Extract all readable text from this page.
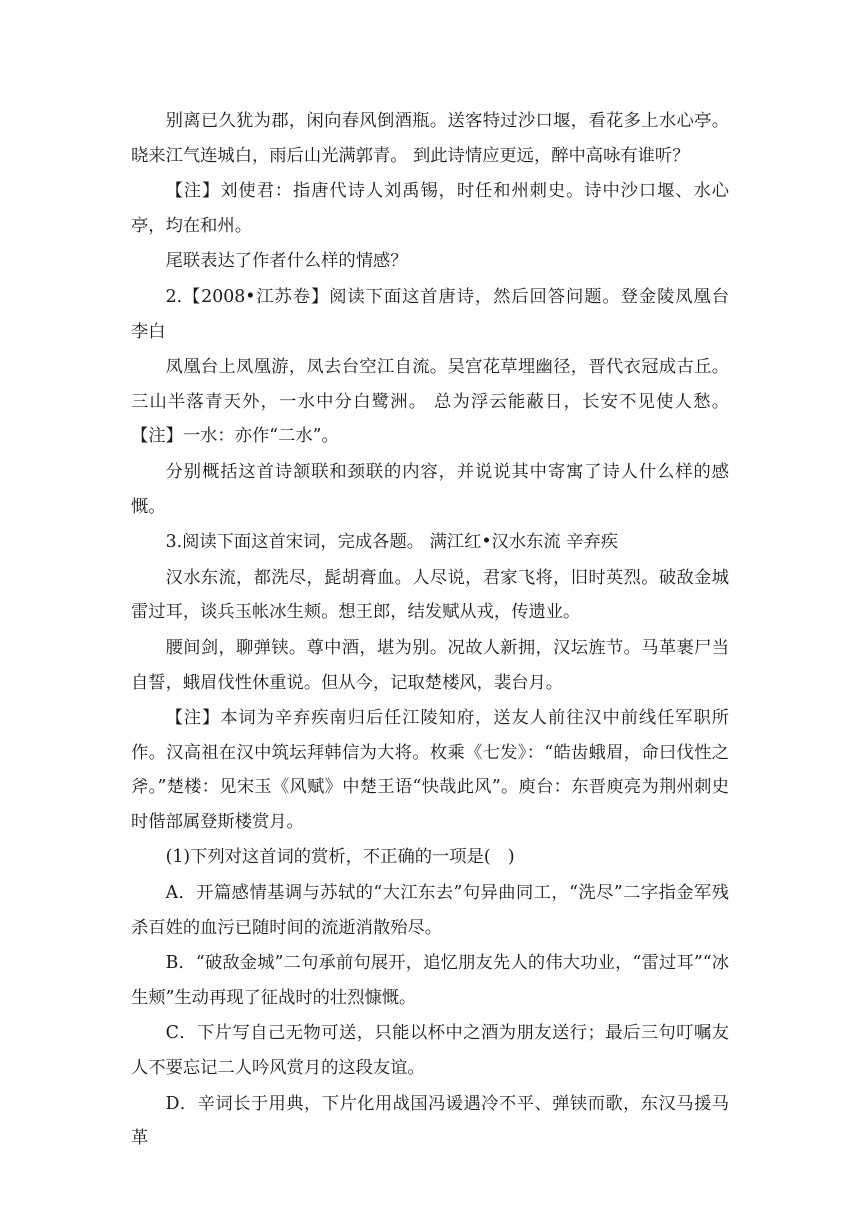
别离已久犹为郡，闲向春风倒酒瓶。送客特过沙口堰，看花多上水心亭。晓来江气连城白，雨后山光满郭青。 到此诗情应更远，醉中高咏有谁听？

【注】刘使君：指唐代诗人刘禹锡，时任和州刺史。诗中沙口堰、水心亭，均在和州。

尾联表达了作者什么样的情感？

2.【2008•江苏卷】阅读下面这首唐诗，然后回答问题。登金陵凤凰台　　李白

凤凰台上凤凰游，凤去台空江自流。吴宫花草埋幽径，晋代衣冠成古丘。三山半落青天外，一水中分白鹭洲。 总为浮云能蔽日，长安不见使人愁。 【注】一水：亦作“二水”。

分别概括这首诗颔联和颈联的内容，并说说其中寄寓了诗人什么样的感慨。

3.阅读下面这首宋词，完成各题。 满江红•汉水东流 辛弃疾

汉水东流，都洗尽，髭胡膏血。人尽说，君家飞将，旧时英烈。破敌金城雷过耳，谈兵玉帐冰生颊。想王郎，结发赋从戎，传遗业。

腰间剑，聊弹铗。尊中酒，堪为别。况故人新拥，汉坛旌节。马革裹尸当自誓，蛾眉伐性休重说。但从今，记取楚楼风，裴台月。

【注】本词为辛弃疾南归后任江陵知府，送友人前往汉中前线任军职所作。汉高祖在汉中筑坛拜韩信为大将。枚乘《七发》：“皓齿蛾眉，命曰伐性之斧。”楚楼：见宋玉《风赋》中楚王语“快哉此风”。庾台：东晋庾亮为荆州刺史时偕部属登斯楼赏月。

(1)下列对这首词的赏析，不正确的一项是(　)

A．开篇感情基调与苏轼的“大江东去”句异曲同工，“洗尽”二字指金军残杀百姓的血污已随时间的流逝消散殆尽。

B．“破敌金城”二句承前句展开，追忆朋友先人的伟大功业，“雷过耳”“冰生颊”生动再现了征战时的壮烈慷慨。

C．下片写自己无物可送，只能以杯中之酒为朋友送行；最后三句叮嘱友人不要忘记二人吟风赏月的这段友谊。

D．辛词长于用典，下片化用战国冯谖遇冷不平、弹铗而歌，东汉马援马革
